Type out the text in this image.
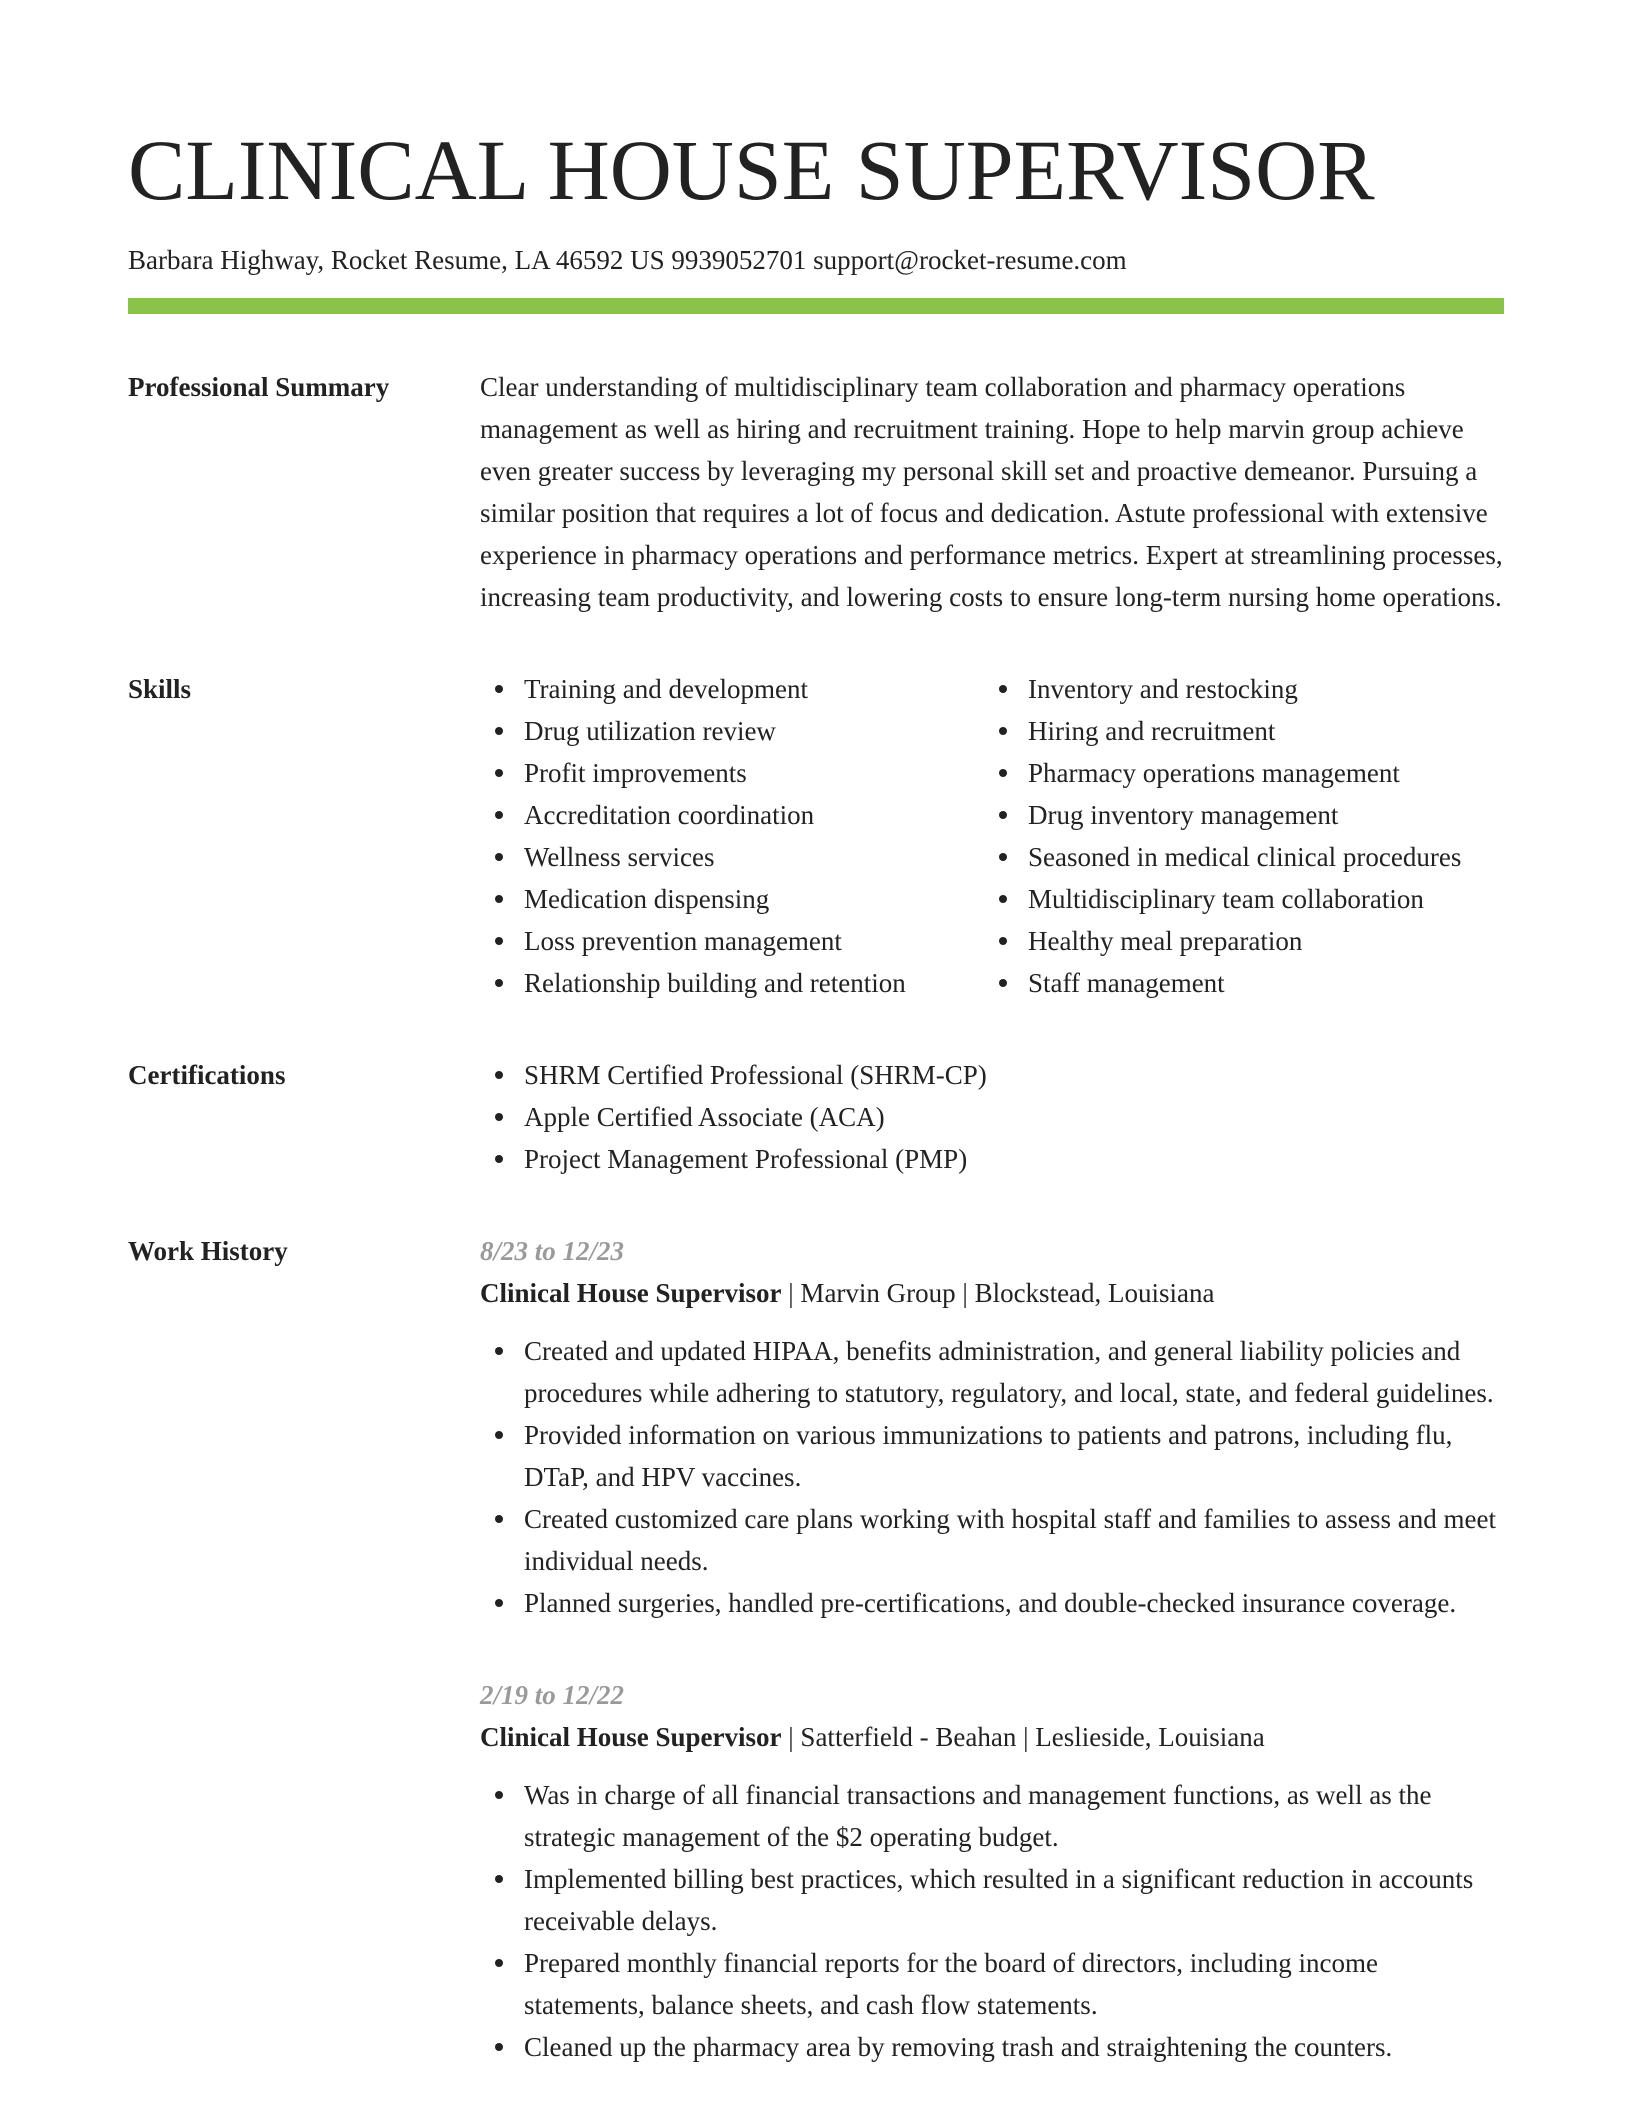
CLINICAL HOUSE SUPERVISOR
Barbara Highway, Rocket Resume, LA 46592 US 9939052701 support@rocket-resume.com
Professional Summary	Clear understanding of multidisciplinary team collaboration and pharmacy operations management as well as hiring and recruitment training. Hope to help marvin group achieve even greater success by leveraging my personal skill set and proactive demeanor. Pursuing a similar position that requires a lot of focus and dedication. Astute professional with extensive experience in pharmacy operations and performance metrics. Expert at streamlining processes, increasing team productivity, and lowering costs to ensure long-term nursing home operations.

Skills	Training and development
Drug utilization review
Profit improvements
Accreditation coordination
Wellness services
Medication dispensing
Loss prevention management
Relationship building and retention
Inventory and restocking
Hiring and recruitment
Pharmacy operations management
Drug inventory management
Seasoned in medical clinical procedures
Multidisciplinary team collaboration
Healthy meal preparation
Staff management
Certifications	SHRM Certified Professional (SHRM-CP)
Apple Certified Associate (ACA)
Project Management Professional (PMP)
Work History	8/23 to 12/23
Clinical House Supervisor | Marvin Group | Blockstead, Louisiana
Created and updated HIPAA, benefits administration, and general liability policies and procedures while adhering to statutory, regulatory, and local, state, and federal guidelines.
Provided information on various immunizations to patients and patrons, including flu, DTaP, and HPV vaccines.
Created customized care plans working with hospital staff and families to assess and meet individual needs.
Planned surgeries, handled pre-certifications, and double-checked insurance coverage.
2/19 to 12/22
Clinical House Supervisor | Satterfield - Beahan | Leslieside, Louisiana
Was in charge of all financial transactions and management functions, as well as the strategic management of the $2 operating budget.
Implemented billing best practices, which resulted in a significant reduction in accounts receivable delays.
Prepared monthly financial reports for the board of directors, including income statements, balance sheets, and cash flow statements.
Cleaned up the pharmacy area by removing trash and straightening the counters.
